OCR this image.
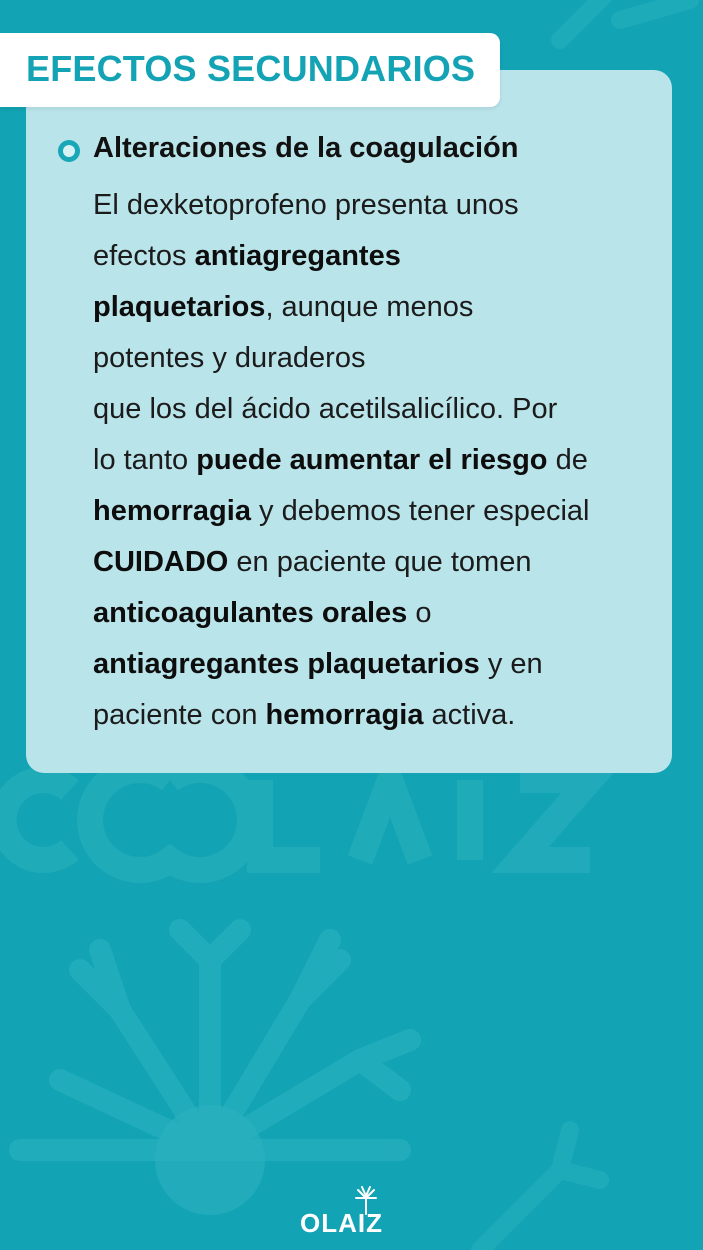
EFECTOS SECUNDARIOS
Alteraciones de la coagulación
El dexketoprofeno presenta unos
efectos antiagregantes
plaquetarios, aunque menos
potentes y duraderos
que los del ácido acetilsalicílico. Por
lo tanto puede aumentar el riesgo de
hemorragia y debemos tener especial
CUIDADO en paciente que tomen
anticoagulantes orales o
antiagregantes plaquetarios y en
paciente con hemorragia activa.
OLAIZ
